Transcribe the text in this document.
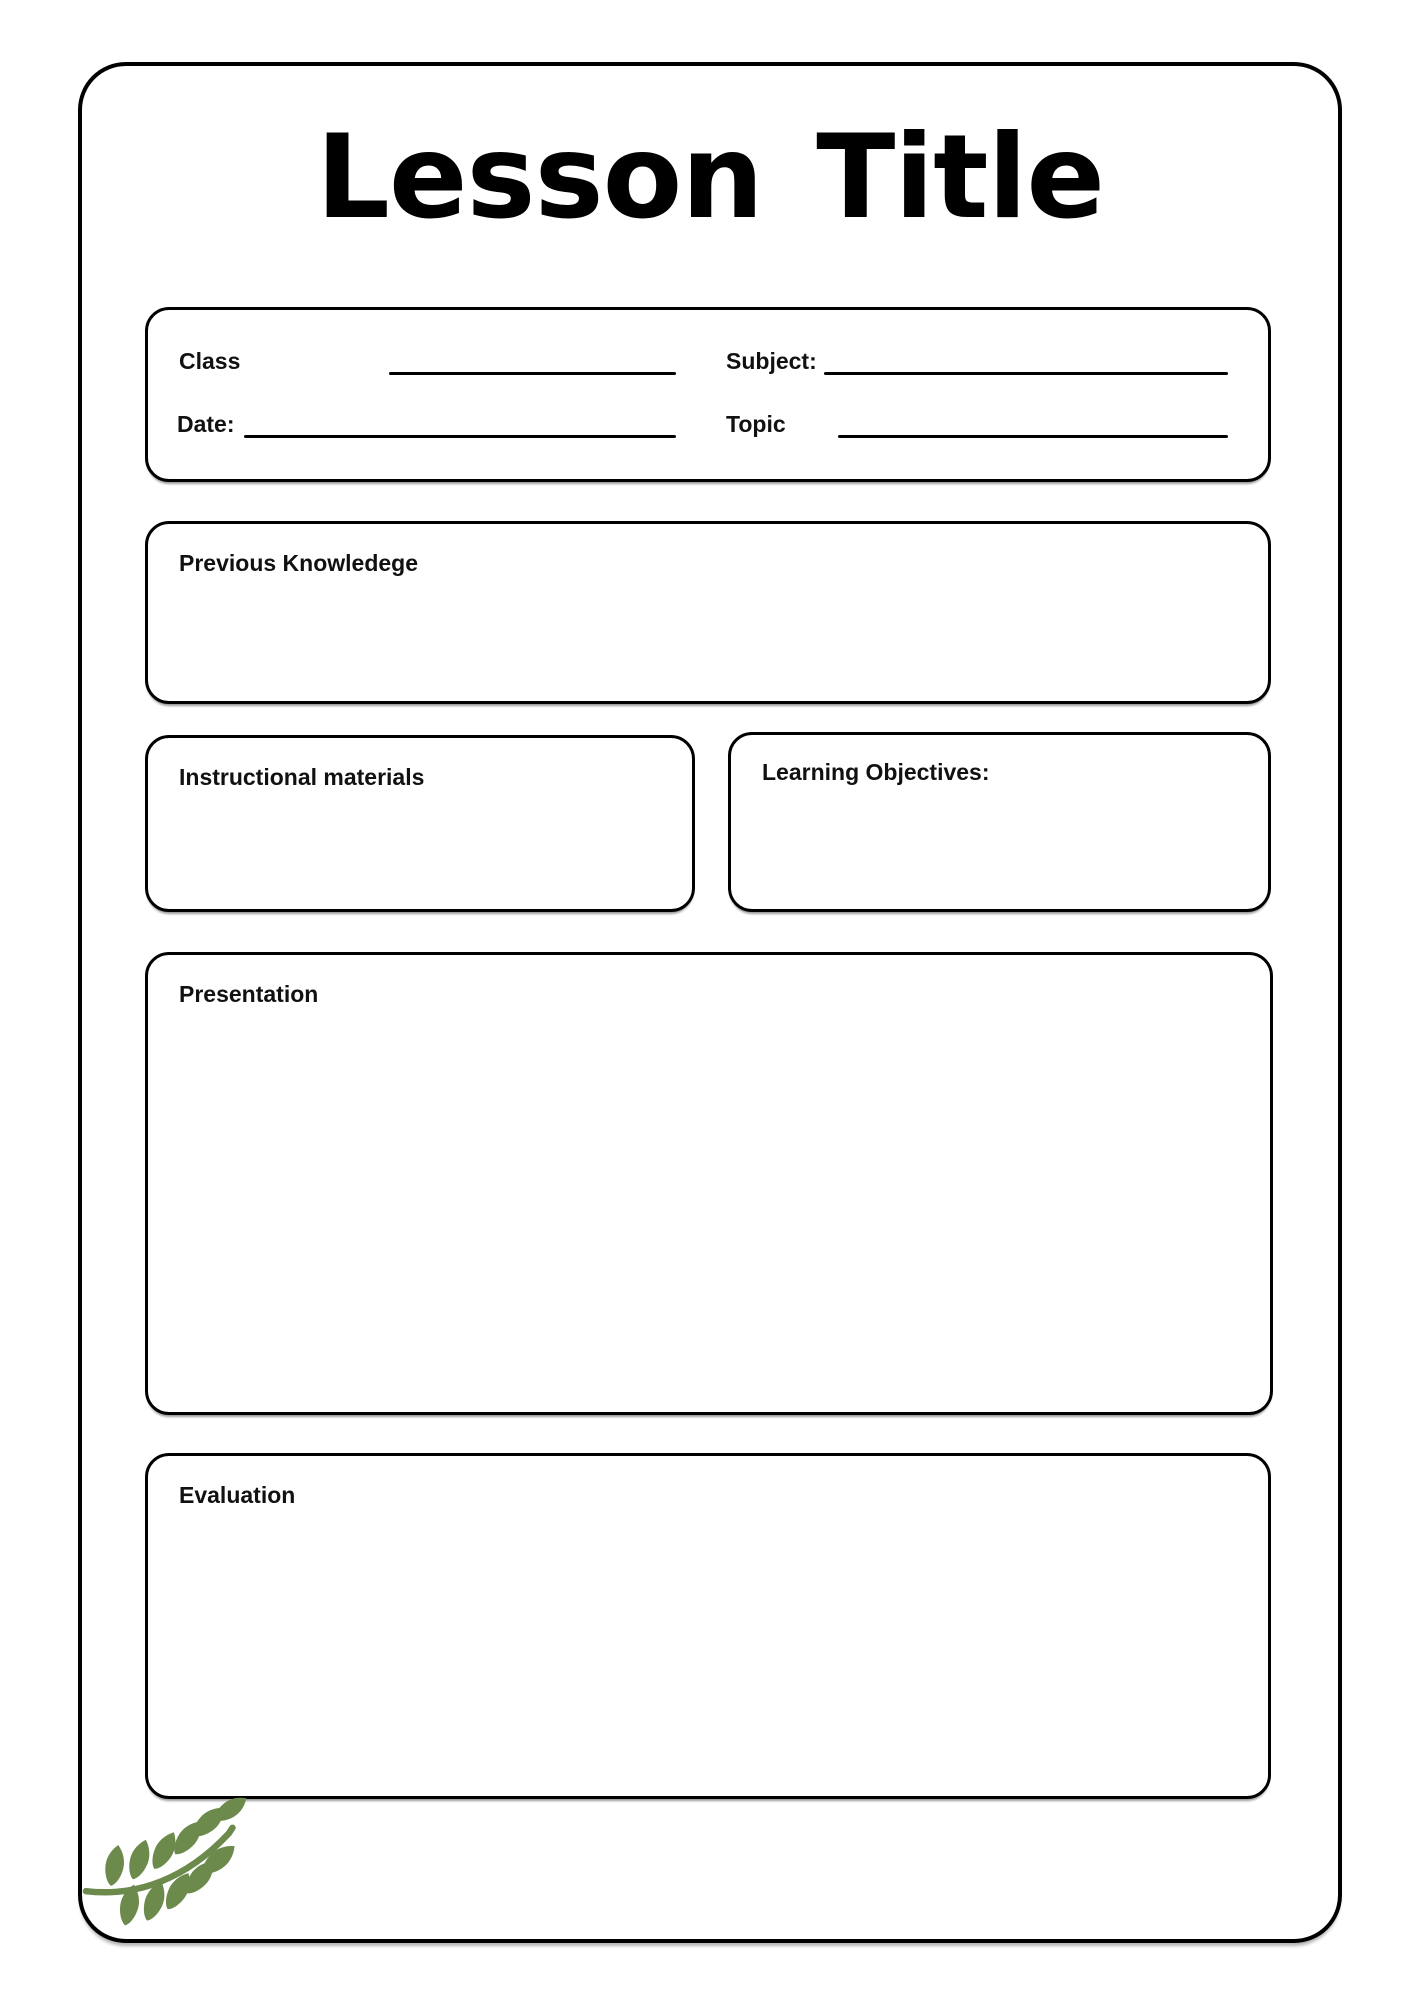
Lesson Title
Class	Subject:
Date:	Topic
Previous Knowledege
Instructional materials	Learning Objectives:
Presentation
Evaluation
